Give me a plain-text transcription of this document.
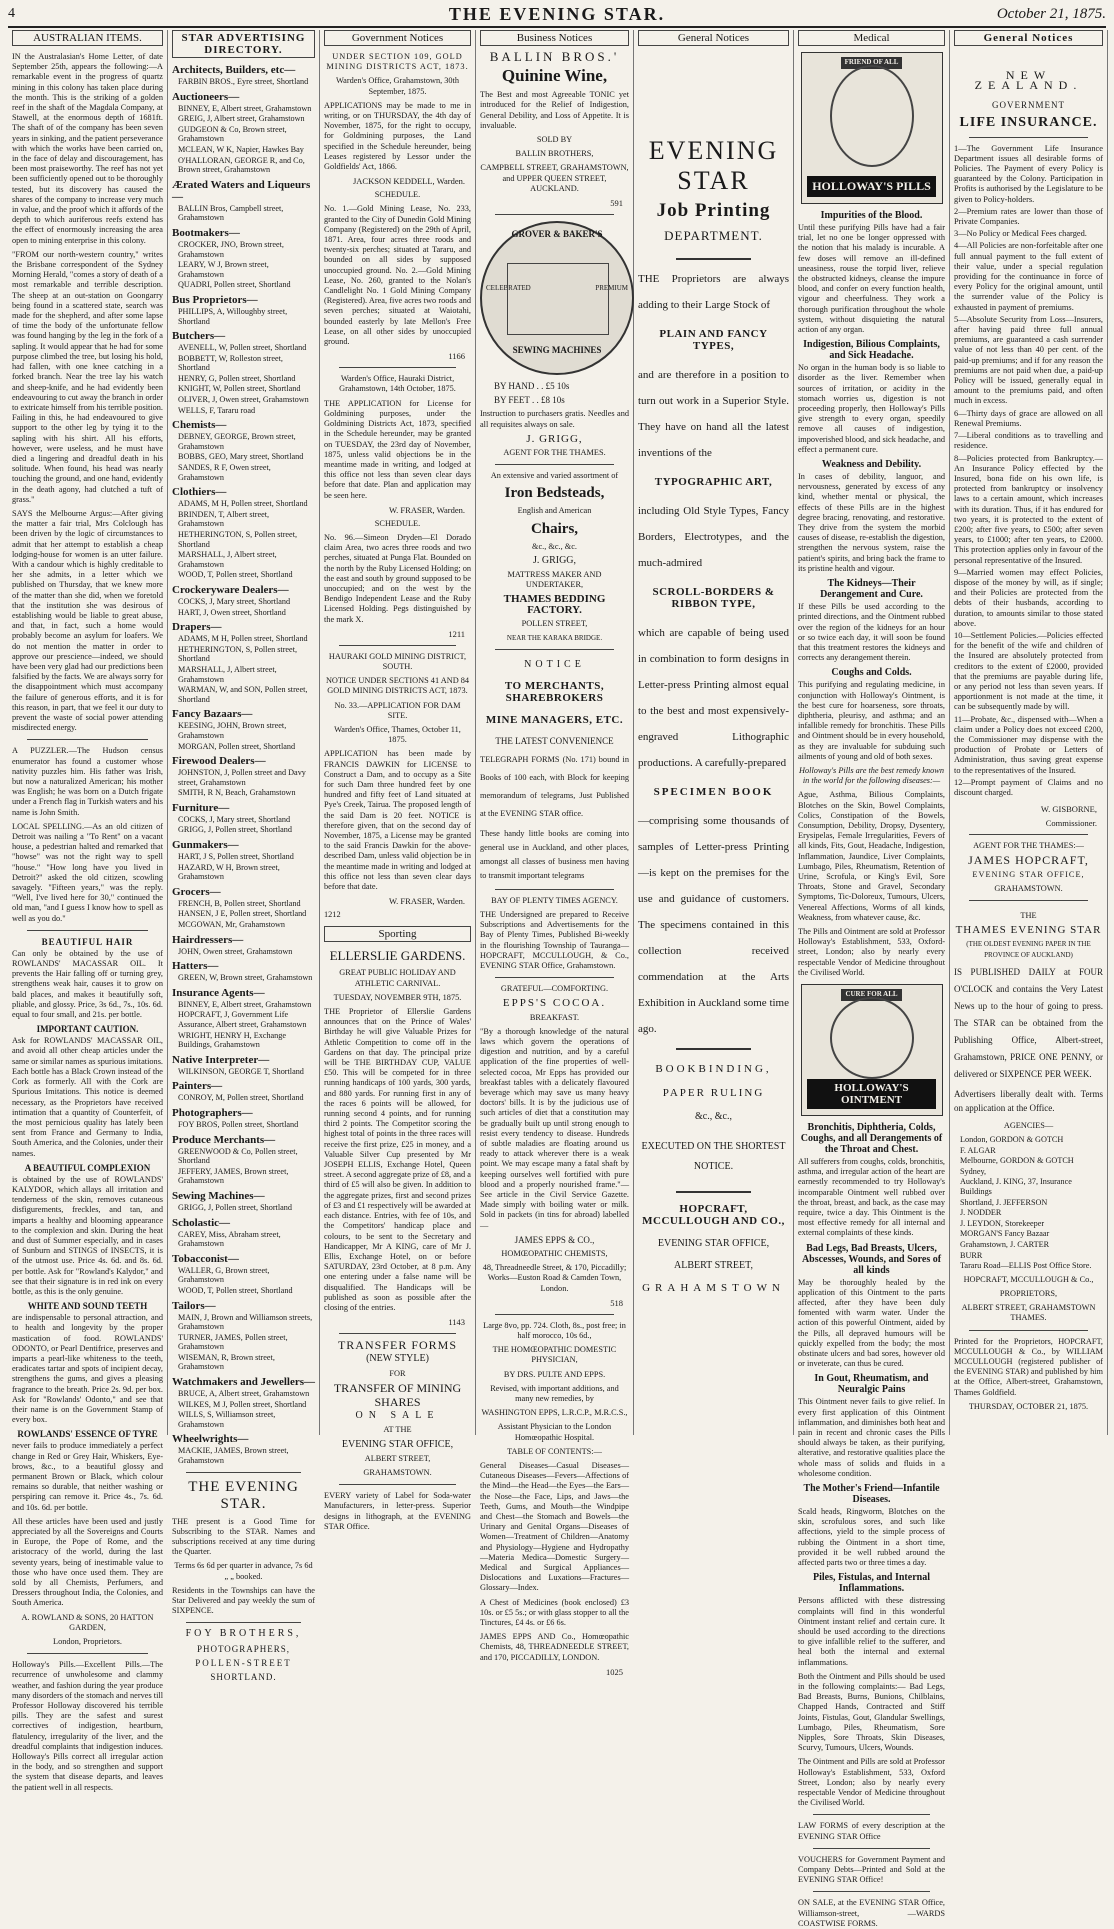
4	THE EVENING STAR.	October 21, 1875.
AUSTRALIAN ITEMS.

IN the Australasian's Home Letter, of date September 25th, appears the following:—A remarkable event in the progress of quartz mining in this colony has taken place during the month. This is the striking of a golden reef in the shaft of the Magdala Company, at Stawell, at the enormous depth of 1681ft. The shaft of of the company has been seven years in sinking, and the patient perseverance with which the works have been carried on, in the face of delay and discouragement, has been most praiseworthy. The reef has not yet been sufficiently opened out to be thoroughly tested, but its discovery has caused the shares of the company to increase very much in value, and the proof which it affords of the depth to which auriferous reefs extend has the effect of enormously increasing the area open to mining enterprise in this colony.

"FROM our north-western country," writes the Brisbane correspondent of the Sydney Morning Herald, "comes a story of death of a most remarkable and terrible description. The sheep at an out-station on Goongarry being found in a scattered state, search was made for the shepherd, and after some lapse of time the body of the unfortunate fellow was found hanging by the leg in the fork of a sapling. It would appear that he had for some purpose climbed the tree, but losing his hold, had fallen, with one knee catching in a forked branch. Near the tree lay his watch and sheep-knife, and he had evidently been endeavouring to cut away the branch in order to extricate himself from his terrible position. Failing in this, he had endeavoured to give support to the other leg by tying it to the sapling with his shirt. All his efforts, however, were useless, and he must have died a lingering and dreadful death in his solitude. When found, his head was nearly touching the ground, and one hand, evidently in the death agony, had clutched a tuft of grass."

SAYS the Melbourne Argus:—After giving the matter a fair trial, Mrs Colclough has been driven by the logic of circumstances to admit that her attempt to establish a cheap lodging-house for women is an utter failure. With a candour which is highly creditable to her she admits, in a letter which we published on Thursday, that we knew more of the matter than she did, when we foretold that the institution she was desirous of establishing would be liable to great abuse, and that, in fact, such a home would probably become an asylum for loafers. We do not mention the matter in order to approve our prescience—indeed, we should have been very glad had our predictions been falsified by the facts. We are always sorry for the disappointment which must accompany the failure of generous efforts, and it is for this reason, in part, that we feel it our duty to prevent the waste of social power attending misdirected energy.

A PUZZLER.—The Hudson census enumerator has found a customer whose nativity puzzles him. His father was Irish, but now a naturalized American; his mother was English; he was born on a Dutch frigate under a French flag in Turkish waters and his name is John Smith.

LOCAL SPELLING.—As an old citizen of Detroit was nailing a "To Rent" on a vacant house, a pedestrian halted and remarked that "howse" was not the right way to spell "house." "How long have you lived in Detroit?" asked the old citizen, scowling savagely. "Fifteen years," was the reply. "Well, I've lived here for 30," continued the old man, "and I guess I know how to spell as well as you do."

BEAUTIFUL HAIR

Can only be obtained by the use of ROWLANDS' MACASSAR OIL. It prevents the Hair falling off or turning grey, strengthens weak hair, causes it to grow on bald places, and makes it beautifully soft, pliable, and glossy. Price, 3s 6d., 7s., 10s. 6d. equal to four small, and 21s. per bottle.

IMPORTANT CAUTION.

Ask for ROWLANDS' MACASSAR OIL, and avoid all other cheap articles under the same or similar names as spurious imitations. Each bottle has a Black Crown instead of the Cork as formerly. All with the Cork are Spurious Imitations. This notice is deemed necessary, as the Proprietors have received intimation that a quantity of Counterfeit, of the most pernicious quality has lately been sent from France and Germany to India, South America, and the Colonies, under their names.

A BEAUTIFUL COMPLEXION

is obtained by the use of ROWLANDS' KALYDOR, which allays all irritation and tenderness of the skin, removes cutaneous disfigurements, freckles, and tan, and imparts a healthy and blooming appearance to the complexion and skin. During the heat and dust of Summer especially, and in cases of Sunburn and STINGS of INSECTS, it is of the utmost use. Price 4s. 6d. and 8s. 6d. per bottle. Ask for "Rowland's Kalydor," and see that their signature is in red ink on every bottle, as this is the only genuine.

WHITE AND SOUND TEETH

are indispensable to personal attraction, and to health and longevity by the proper mastication of food. ROWLANDS' ODONTO, or Pearl Dentifrice, preserves and imparts a pearl-like whiteness to the teeth, eradicates tartar and spots of incipient decay, strengthens the gums, and gives a pleasing fragrance to the breath. Price 2s. 9d. per box. Ask for "Rowlands' Odonto," and see that their name is on the Government Stamp of every box.

ROWLANDS' ESSENCE OF TYRE

never fails to produce immediately a perfect change in Red or Grey Hair, Whiskers, Eye-brows, &c., to a beautiful glossy and permanent Brown or Black, which colour remains so durable, that neither washing or perspiring can remove it. Price 4s., 7s. 6d. and 10s. 6d. per bottle.

All these articles have been used and justly appreciated by all the Sovereigns and Courts in Europe, the Pope of Rome, and the aristocracy of the world, during the last seventy years, being of inestimable value to those who have once used them. They are sold by all Chemists, Perfumers, and Dressers throughout India, the Colonies, and South America.

A. ROWLAND & SONS, 20 HATTON GARDEN,
London, Proprietors.

Holloway's Pills.—Excellent Pills.—The recurrence of unwholesome and clammy weather, and fashion during the year produce many disorders of the stomach and nerves till Professor Holloway discovered his terrible pills. They are the safest and surest correctives of indigestion, heartburn, flatulency, irregularity of the liver, and the dreadful complaints that indigestion induces. Holloway's Pills correct all irregular action in the body, and so strengthen and support the system that disease departs, and leaves the patient well in all respects.

STAR ADVERTISING DIRECTORY.
Architects, Builders, etc—
FARBIN BROS., Eyre street, Shortland
Auctioneers—
BINNEY, E, Albert street, Grahamstown
GREIG, J, Albert street, Grahamstown
GUDGEON & Co, Brown street, Grahamstown
MCLEAN, W K, Napier, Hawkes Bay
O'HALLORAN, GEORGE R, and Co, Brown street, Grahamstown
Ærated Waters and Liqueurs—
BALLIN Bros, Campbell street, Grahamstown
Bootmakers—
CROCKER, JNO, Brown street, Grahamstown
LEARY, W J, Brown street, Grahamstown
QUADRI, Pollen street, Shortland
Bus Proprietors—
PHILLIPS, A, Willoughby street, Shortland
Butchers—
AVENELL, W, Pollen street, Shortland
BOBBETT, W, Rolleston street, Shortland
HENRY, G, Pollen street, Shortland
KNIGHT, W, Pollen street, Shortland
OLIVER, J, Owen street, Grahamstown
WELLS, F, Tararu road
Chemists—
DEBNEY, GEORGE, Brown street, Grahamstown
BOBBS, GEO, Mary street, Shortland
SANDES, R F, Owen street, Grahamstown
Clothiers—
ADAMS, M H, Pollen street, Shortland
BRINDEN, T, Albert street, Grahamstown
HETHERINGTON, S, Pollen street, Shortland
MARSHALL, J, Albert street, Grahamstown
WOOD, T, Pollen street, Shortland
Crockeryware Dealers—
COCKS, J, Mary street, Shortland
HART, J, Owen street, Shortland
Drapers—
ADAMS, M H, Pollen street, Shortland
HETHERINGTON, S, Pollen street, Shortland
MARSHALL, J, Albert street, Grahamstown
WARMAN, W, and SON, Pollen street, Shortland
Fancy Bazaars—
KEESING, JOHN, Brown street, Grahamstown
MORGAN, Pollen street, Shortland
Firewood Dealers—
JOHNSTON, J, Pollen street and Davy street, Grahamstown
SMITH, R N, Beach, Grahamstown
Furniture—
COCKS, J, Mary street, Shortland
GRIGG, J, Pollen street, Shortland
Gunmakers—
HART, J S, Pollen street, Shortland
HAZARD, W H, Brown street, Grahamstown
Grocers—
FRENCH, B, Pollen street, Shortland
HANSEN, J E, Pollen street, Shortland
MCGOWAN, Mr, Grahamstown
Hairdressers—
JOHN, Owen street, Grahamstown
Hatters—
GREEN, W, Brown street, Grahamstown
Insurance Agents—
BINNEY, E, Albert street, Grahamstown
HOPCRAFT, J, Government Life Assurance, Albert street, Grahamstown
WRIGHT, HENRY H, Exchange Buildings, Grahamstown
Native Interpreter—
WILKINSON, GEORGE T, Shortland
Painters—
CONROY, M, Pollen street, Shortland
Photographers—
FOY BROS, Pollen street, Shortland
Produce Merchants—
GREENWOOD & Co, Pollen street, Shortland
JEFFERY, JAMES, Brown street, Grahamstown
Sewing Machines—
GRIGG, J, Pollen street, Shortland
Scholastic—
CAREY, Miss, Abraham street, Grahamstown
Tobacconist—
WALLER, G, Brown street, Grahamstown
WOOD, T, Pollen street, Shortland
Tailors—
MAIN, J, Brown and Williamson streets, Grahamstown
TURNER, JAMES, Pollen street, Grahamstown
WISEMAN, R, Brown street, Grahamstown
Watchmakers and Jewellers—
BRUCE, A, Albert street, Grahamstown
WILKES, M J, Pollen street, Shortland
WILLS, S, Williamson street, Grahamstown
Wheelwrights—
MACKIE, JAMES, Brown street, Grahamstown
THE EVENING STAR.

THE present is a Good Time for Subscribing to the STAR. Names and subscriptions received at any time during the Quarter.

Terms 6s 6d per quarter in advance, 7s 6d „ „ booked.

Residents in the Townships can have the Star Delivered and pay weekly the sum of SIXPENCE.

FOY BROTHERS,
PHOTOGRAPHERS,
POLLEN-STREET
SHORTLAND.
Government Notices
UNDER SECTION 109, GOLD MINING DISTRICTS ACT, 1873.
Warden's Office, Grahamstown, 30th September, 1875.

APPLICATIONS may be made to me in writing, or on THURSDAY, the 4th day of November, 1875, for the right to occupy, for Goldmining purposes, the Land specified in the Schedule hereunder, being Leases registered by Lessor under the Goldfields' Act, 1866.

JACKSON KEDDELL, Warden.
SCHEDULE.

No. 1.—Gold Mining Lease, No. 233, granted to the City of Dunedin Gold Mining Company (Registered) on the 29th of April, 1871. Area, four acres three roods and twenty-six perches; situated at Tararu, and bounded on all sides by supposed unoccupied ground. No. 2.—Gold Mining Lease, No. 260, granted to the Nolan's Candlelight No. 1 Gold Mining Company (Registered). Area, five acres two roods and seven perches; situated at Waiotahi, bounded easterly by late Mellon's Free Lease, on all other sides by unoccupied ground.

1166
Warden's Office, Hauraki District, Grahamstown, 14th October, 1875.

THE APPLICATION for License for Goldmining purposes, under the Goldmining Districts Act, 1873, specified in the Schedule hereunder, may be granted on TUESDAY, the 23rd day of November, 1875, unless valid objections be in the meantime made in writing, and lodged at this office not less than seven clear days before that date. Plan and application may be seen here.

W. FRASER, Warden.
SCHEDULE.

No. 96.—Simeon Dryden—El Dorado claim Area, two acres three roods and two perches, situated at Punga Flat. Bounded on the north by the Ruby Licensed Holding; on the east and south by ground supposed to be unoccupied; and on the west by the Bendigo Independent Lease and the Ruby Licensed Holding. Pegs distinguished by the mark X.

1211
HAURAKI GOLD MINING DISTRICT, SOUTH.
NOTICE UNDER SECTIONS 41 AND 84 GOLD MINING DISTRICTS ACT, 1873.
No. 33.—APPLICATION FOR DAM SITE.
Warden's Office, Thames, October 11, 1875.

APPLICATION has been made by FRANCIS DAWKIN for LICENSE to Construct a Dam, and to occupy as a Site for such Dam three hundred feet by one hundred and fifty feet of Land situated at Pye's Creek, Tairua. The proposed length of the said Dam is 20 feet. NOTICE is therefore given, that on the second day of November, 1875, a License may be granted to the said Francis Dawkin for the above-described Dam, unless valid objection be in the meantime made in writing and lodged at this office not less than seven clear days before that date.

W. FRASER, Warden.
1212
Sporting
ELLERSLIE GARDENS.
GREAT PUBLIC HOLIDAY AND ATHLETIC CARNIVAL.
TUESDAY, NOVEMBER 9TH, 1875.

THE Proprietor of Ellerslie Gardens announces that on the Prince of Wales' Birthday he will give Valuable Prizes for Athletic Competition to come off in the Gardens on that day. The principal prize will be THE BIRTHDAY CUP, VALUE £50. This will be competed for in three running handicaps of 100 yards, 300 yards, and 880 yards. For running first in any of the races 6 points will be allowed, for running second 4 points, and for running third 2 points. The Competitor scoring the highest total of points in the three races will receive the first prize, £25 in money, and a Valuable Silver Cup presented by Mr JOSEPH ELLIS, Exchange Hotel, Queen street. A second aggregate prize of £8, and a third of £5 will also be given. In addition to the aggregate prizes, first and second prizes of £3 and £1 respectively will be awarded at each distance. Entries, with fee of 10s, and the Competitors' handicap place and colours, to be sent to the Secretary and Handicapper, Mr A KING, care of Mr J. Ellis, Exchange Hotel, on or before SATURDAY, 23rd October, at 8 p.m. Any one entering under a false name will be disqualified. The Handicaps will be published as soon as possible after the closing of the entries.

1143
TRANSFER FORMS
(NEW STYLE)
FOR
TRANSFER OF MINING
SHARES
ON SALE
AT THE
EVENING STAR OFFICE,
ALBERT STREET,
GRAHAMSTOWN.

EVERY variety of Label for Soda-water Manufacturers, in letter-press. Superior designs in lithograph, at the EVENING STAR Office.

Business Notices
BALLIN BROS.'
Quinine Wine,

The Best and most Agreeable TONIC yet introduced for the Relief of Indigestion, General Debility, and Loss of Appetite. It is invaluable.

SOLD BY
BALLIN BROTHERS,
CAMPBELL STREET, GRAHAMSTOWN, and UPPER QUEEN STREET, AUCKLAND.
591
GROVER & BAKER'S
CELEBRATED	PREMIUM
SEWING MACHINES
BY HAND . . £5 10s
BY FEET . . £8 10s

Instruction to purchasers gratis. Needles and all requisites always on sale.

J. GRIGG,
AGENT FOR THE THAMES.
An extensive and varied assortment of
Iron Bedsteads,
English and American
Chairs,
&c., &c., &c.
J. GRIGG,
MATTRESS MAKER AND UNDERTAKER,
THAMES BEDDING FACTORY.
POLLEN STREET,
NEAR THE KARAKA BRIDGE.
NOTICE
TO MERCHANTS, SHAREBROKERS
MINE MANAGERS, ETC.
THE LATEST CONVENIENCE

TELEGRAPH FORMS (No. 171) bound in Books of 100 each, with Block for keeping memorandum of telegrams, Just Published at the EVENING STAR office.

These handy little books are coming into general use in Auckland, and other places, amongst all classes of business men having to transmit important telegrams

BAY OF PLENTY TIMES AGENCY.

THE Undersigned are prepared to Receive Subscriptions and Advertisements for the Bay of Plenty Times, Published Bi-weekly in the flourishing Township of Tauranga—HOPCRAFT, MCCULLOUGH, & Co., EVENING STAR Office, Grahamstown.

GRATEFUL—COMFORTING.
EPPS'S COCOA.
BREAKFAST.

"By a thorough knowledge of the natural laws which govern the operations of digestion and nutrition, and by a careful application of the fine properties of well-selected cocoa, Mr Epps has provided our breakfast tables with a delicately flavoured beverage which may save us many heavy doctors' bills. It is by the judicious use of such articles of diet that a constitution may be gradually built up until strong enough to resist every tendency to disease. Hundreds of subtle maladies are floating around us ready to attack wherever there is a weak point. We may escape many a fatal shaft by keeping ourselves well fortified with pure blood and a properly nourished frame."—See article in the Civil Service Gazette. Made simply with boiling water or milk. Sold in packets (in tins for abroad) labelled—

JAMES EPPS & CO.,
HOMŒOPATHIC CHEMISTS,
48, Threadneedle Street, & 170, Piccadilly; Works—Euston Road & Camden Town, London.
518
Large 8vo, pp. 724. Cloth, 8s., post free; in half morocco, 10s 6d.,
THE HOMŒOPATHIC DOMESTIC PHYSICIAN,
BY DRS. PULTE AND EPPS.
Revised, with important additions, and many new remedies, by
WASHINGTON EPPS, L.R.C.P., M.R.C.S.,
Assistant Physician to the London Homœopathic Hospital.
TABLE OF CONTENTS:—

General Diseases—Casual Diseases—Cutaneous Diseases—Fevers—Affections of the Mind—the Head—the Eyes—the Ears—the Nose—the Face, Lips, and Jaws—the Teeth, Gums, and Mouth—the Windpipe and Chest—the Stomach and Bowels—the Urinary and Genital Organs—Diseases of Women—Treatment of Children—Anatomy and Physiology—Hygiene and Hydropathy—Materia Medica—Domestic Surgery—Medical and Surgical Appliances—Dislocations and Luxations—Fractures—Glossary—Index.

A Chest of Medicines (book enclosed) £3 10s. or £5 5s.; or with glass stopper to all the Tinctures, £4 4s. or £6 6s.

JAMES EPPS AND Co., Homœopathic Chemists, 48, THREADNEEDLE STREET, and 170, PICCADILLY, LONDON.

1025
General Notices
EVENING STAR
Job Printing
DEPARTMENT.

THE Proprietors are always adding to their Large Stock of

PLAIN AND FANCY TYPES,

and are therefore in a position to turn out work in a Superior Style. They have on hand all the latest inventions of the

TYPOGRAPHIC ART,

including Old Style Types, Fancy Borders, Electrotypes, and the much-admired

SCROLL-BORDERS & RIBBON TYPE,

which are capable of being used in combination to form designs in Letter-press Printing almost equal to the best and most expensively-engraved Lithographic productions. A carefully-prepared

SPECIMEN BOOK

—comprising some thousands of samples of Letter-press Printing—is kept on the premises for the use and guidance of customers. The specimens contained in this collection received commendation at the Arts Exhibition in Auckland some time ago.

BOOKBINDING,
PAPER RULING
&c., &c.,
EXECUTED ON THE SHORTEST NOTICE.
HOPCRAFT, MCCULLOUGH AND CO.,
EVENING STAR OFFICE,
ALBERT STREET,
GRAHAMSTOWN
Medical
FRIEND OF ALL
HOLLOWAY'S PILLS
Impurities of the Blood.

Until these purifying Pills have had a fair trial, let no one be longer oppressed with the notion that his malady is incurable. A few doses will remove an ill-defined uneasiness, rouse the torpid liver, relieve the obstructed kidneys, cleanse the impure blood, and confer on every function health, vigour and cheerfulness. They work a thorough purification throughout the whole system, without disquieting the natural action of any organ.

Indigestion, Bilious Complaints, and Sick Headache.

No organ in the human body is so liable to disorder as the liver. Remember when sources of irritation, or acidity in the stomach worries us, digestion is not proceeding properly, then Holloway's Pills give strength to every organ, speedily remove all causes of indigestion, impoverished blood, and sick headache, and effect a permanent cure.

Weakness and Debility.

In cases of debility, languor, and nervousness, generated by excess of any kind, whether mental or physical, the effects of these Pills are in the highest degree bracing, renovating, and restorative. They drive from the system the morbid causes of disease, re-establish the digestion, strengthen the nervous system, raise the patient's spirits, and bring back the frame to its pristine health and vigour.

The Kidneys—Their Derangement and Cure.

If these Pills be used according to the printed directions, and the Ointment rubbed over the region of the kidneys for an hour or so twice each day, it will soon be found that this treatment restores the kidneys and corrects any derangement therein.

Coughs and Colds.

This purifying and regulating medicine, in conjunction with Holloway's Ointment, is the best cure for hoarseness, sore throats, diphtheria, pleurisy, and asthma; and an infallible remedy for bronchitis. These Pills and Ointment should be in every household, as they are invaluable for subduing such ailments of young and old of both sexes.

Holloway's Pills are the best remedy known in the world for the following diseases:—

Ague, Asthma, Bilious Complaints, Blotches on the Skin, Bowel Complaints, Colics, Constipation of the Bowels, Consumption, Debility, Dropsy, Dysentery, Erysipelas, Female Irregularities, Fevers of all kinds, Fits, Gout, Headache, Indigestion, Inflammation, Jaundice, Liver Complaints, Lumbago, Piles, Rheumatism, Retention of Urine, Scrofula, or King's Evil, Sore Throats, Stone and Gravel, Secondary Symptoms, Tic-Doloreux, Tumours, Ulcers, Venereal Affections, Worms of all kinds, Weakness, from whatever cause, &c.

The Pills and Ointment are sold at Professor Holloway's Establishment, 533, Oxford-street, London; also by nearly every respectable Vendor of Medicine throughout the Civilised World.

CURE FOR ALL
HOLLOWAY'S OINTMENT
Bronchitis, Diphtheria, Colds, Coughs, and all Derangements of the Throat and Chest.

All sufferers from coughs, colds, bronchitis, asthma, and irregular action of the heart are earnestly recommended to try Holloway's incomparable Ointment well rubbed over the throat, breast, and back, as the case may require, twice a day. This Ointment is the most effective remedy for all internal and external complaints of these kinds.

Bad Legs, Bad Breasts, Ulcers, Abscesses, Wounds, and Sores of all kinds

May be thoroughly healed by the application of this Ointment to the parts affected, after they have been duly fomented with warm water. Under the action of this powerful Ointment, aided by the Pills, all depraved humours will be quickly expelled from the body; the most obstinate ulcers and bad sores, however old or inveterate, can thus be cured.

In Gout, Rheumatism, and Neuralgic Pains

This Ointment never fails to give relief. In every first application of this Ointment inflammation, and diminishes both heat and pain in recent and chronic cases the Pills should always be taken, as their purifying, alterative, and restorative qualities place the whole mass of solids and fluids in a wholesome condition.

The Mother's Friend—Infantile Diseases.

Scald heads, Ringworm, Blotches on the skin, scrofulous sores, and such like affections, yield to the simple process of rubbing the Ointment in a short time, provided it be well rubbed around the affected parts two or three times a day.

Piles, Fistulas, and Internal Inflammations.

Persons afflicted with these distressing complaints will find in this wonderful Ointment instant relief and certain cure. It should be used according to the directions to give infallible relief to the sufferer, and heal both the internal and external inflammations.

Both the Ointment and Pills should be used in the following complaints:— Bad Legs, Bad Breasts, Burns, Bunions, Chilblains, Chapped Hands, Contracted and Stiff Joints, Fistulas, Gout, Glandular Swellings, Lumbago, Piles, Rheumatism, Sore Nipples, Sore Throats, Skin Diseases, Scurvy, Tumours, Ulcers, Wounds.

The Ointment and Pills are sold at Professor Holloway's Establishment, 533, Oxford Street, London; also by nearly every respectable Vendor of Medicine throughout the Civilised World.

LAW FORMS of every description at the EVENING STAR Office

VOUCHERS for Government Payment and Company Debts—Printed and Sold at the EVENING STAR Office!

ON SALE, at the EVENING STAR Office, Williamson-street, —WARDS COASTWISE FORMS.

General Notices
NEW ZEALAND.
GOVERNMENT
LIFE INSURANCE.

1—The Government Life Insurance Department issues all desirable forms of Policies. The Payment of every Policy is guaranteed by the Colony. Participation in Profits is authorised by the Legislature to be given to Policy-holders.

2—Premium rates are lower than those of Private Companies.

3—No Policy or Medical Fees charged.

4—All Policies are non-forfeitable after one full annual payment to the full extent of their value, under a special regulation providing for the continuance in force of every Policy for the original amount, until the surrender value of the Policy is exhausted in payment of premiums.

5—Absolute Security from Loss—Insurers, after having paid three full annual premiums, are guaranteed a cash surrender value of not less than 40 per cent. of the paid-up premiums; and if for any reason the premiums are not paid when due, a paid-up Policy will be issued, generally equal in amount to the premiums paid, and often much in excess.

6—Thirty days of grace are allowed on all Renewal Premiums.

7—Liberal conditions as to travelling and residence.

8—Policies protected from Bankruptcy.—An Insurance Policy effected by the Insured, bona fide on his own life, is protected from bankruptcy or insolvency laws to a certain amount, which increases with its duration. Thus, if it has endured for two years, it is protected to the extent of £200; after five years, to £500; after seven years, to £1000; after ten years, to £2000. This protection applies only in favour of the personal representative of the Insured.

9—Married women may effect Policies, dispose of the money by will, as if single; and their Policies are protected from the debts of their husbands, according to duration, to amounts similar to those stated above.

10—Settlement Policies.—Policies effected for the benefit of the wife and children of the Insured are absolutely protected from creditors to the extent of £2000, provided that the premiums are payable during life, or any period not less than seven years. If apportionment is not made at the time, it can be subsequently made by will.

11—Probate, &c., dispensed with—When a claim under a Policy does not exceed £200, the Commissioner may dispense with the production of Probate or Letters of Administration, thus saving great expense to the representatives of the Insured.

12—Prompt payment of Claims and no discount charged.

W. GISBORNE,
Commissioner.
AGENT FOR THE THAMES:—
JAMES HOPCRAFT,
EVENING STAR OFFICE,
GRAHAMSTOWN.
THE
THAMES EVENING STAR
(THE OLDEST EVENING PAPER IN THE PROVINCE OF AUCKLAND)

IS PUBLISHED DAILY at FOUR O'CLOCK and contains the Very Latest News up to the hour of going to press. The STAR can be obtained from the Publishing Office, Albert-street, Grahamstown, PRICE ONE PENNY, or delivered or SIXPENCE PER WEEK.

Advertisers liberally dealt with. Terms on application at the Office.

AGENCIES—
London, GORDON & GOTCH
F. ALGAR
Melbourne, GORDON & GOTCH
Sydney,
Auckland, J. KING, 37, Insurance Buildings
Shortland, J. JEFFERSON
J. NODDER
J. LEYDON, Storekeeper
MORGAN'S Fancy Bazaar
Grahamstown, J. CARTER
BURR
Tararu Road—ELLIS Post Office Store.
HOPCRAFT, MCCULLOUGH & Co.,
PROPRIETORS,
ALBERT STREET, GRAHAMSTOWN THAMES.

Printed for the Proprietors, HOPCRAFT, MCCULLOUGH & Co., by WILLIAM MCCULLOUGH (registered publisher of the EVENING STAR) and published by him at the Office, Albert-street, Grahamstown, Thames Goldfield.

THURSDAY, OCTOBER 21, 1875.
